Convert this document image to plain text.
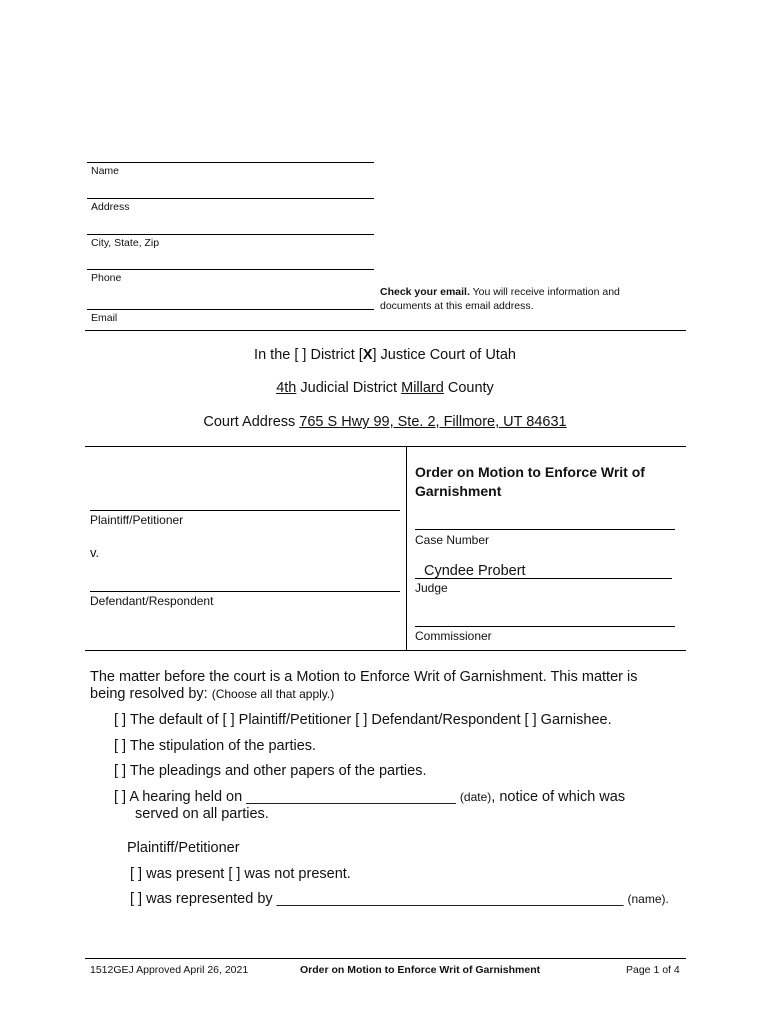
Name
Address
City, State, Zip
Phone
Email
Check your email. You will receive information and
documents at this email address.
In the [ ] District [X] Justice Court of Utah
4th Judicial District Millard County
Court Address 765 S Hwy 99, Ste. 2, Fillmore, UT 84631
Order on Motion to Enforce Writ of
Garnishment
Plaintiff/Petitioner
v.
Defendant/Respondent
Case Number
Cyndee Probert
Judge
Commissioner
The matter before the court is a Motion to Enforce Writ of Garnishment. This matter is
being resolved by: (Choose all that apply.)
[ ] The default of [ ] Plaintiff/Petitioner [ ] Defendant/Respondent [ ] Garnishee.
[ ] The stipulation of the parties.
[ ] The pleadings and other papers of the parties.
[ ] A hearing held on __________________________ (date), notice of which was
served on all parties.
Plaintiff/Petitioner
[ ] was present [ ] was not present.
[ ] was represented by ___________________________________________ (name).
1512GEJ Approved April 26, 2021	Order on Motion to Enforce Writ of Garnishment	Page 1 of 4
